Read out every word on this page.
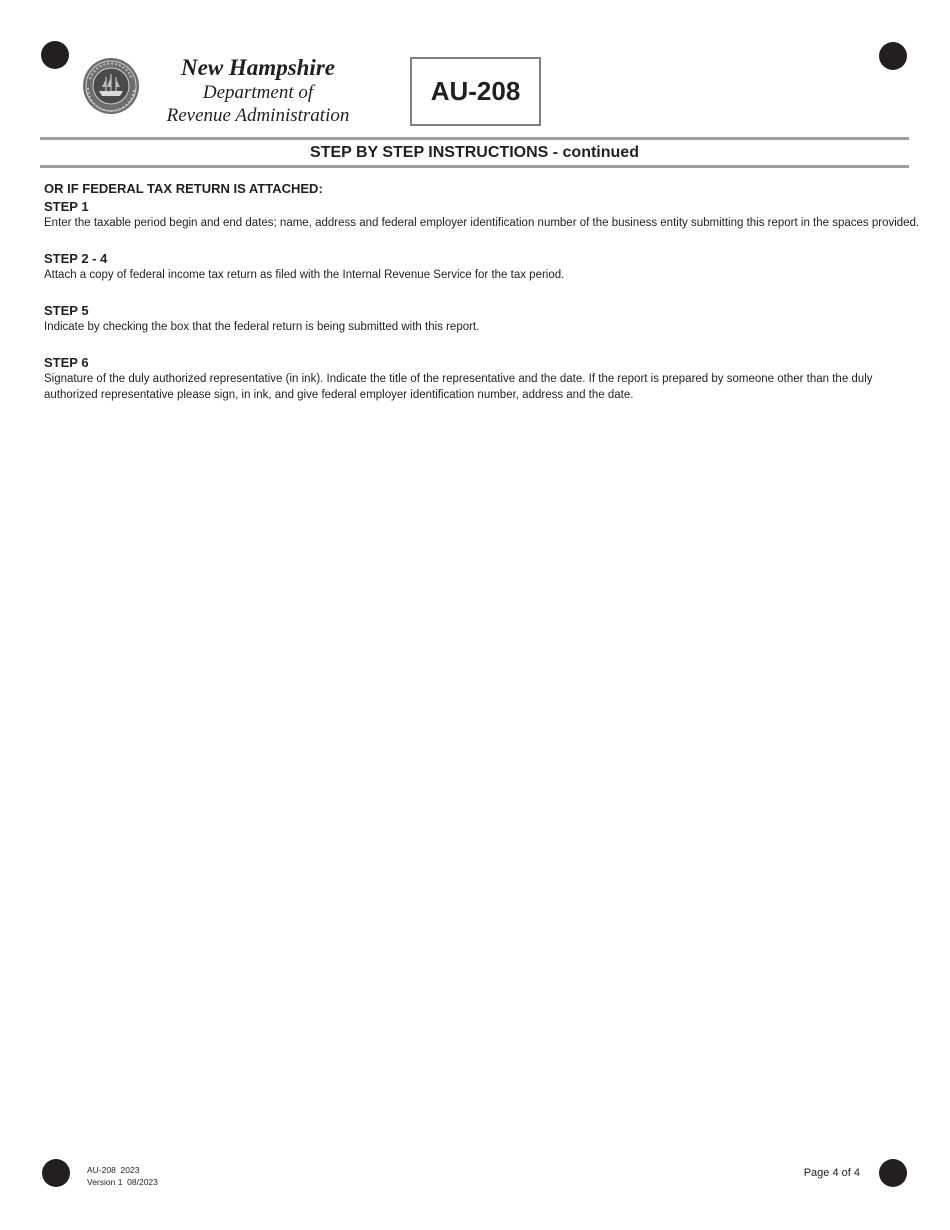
New Hampshire
Department of
Revenue Administration
AU-208
STEP BY STEP INSTRUCTIONS - continued
OR IF FEDERAL TAX RETURN IS ATTACHED:
STEP 1
Enter the taxable period begin and end dates; name, address and federal employer identification number of the business entity submitting this report in the spaces provided.
STEP 2 - 4
Attach a copy of federal income tax return as filed with the Internal Revenue Service for the tax period.
STEP 5
Indicate by checking the box that the federal return is being submitted with this report.
STEP 6
Signature of the duly authorized representative (in ink). Indicate the title of the representative and the date. If the report is prepared by someone other than the duly authorized representative please sign, in ink, and give federal employer identification number, address and the date.
AU-208  2023
Version 1  08/2023
Page 4 of 4
